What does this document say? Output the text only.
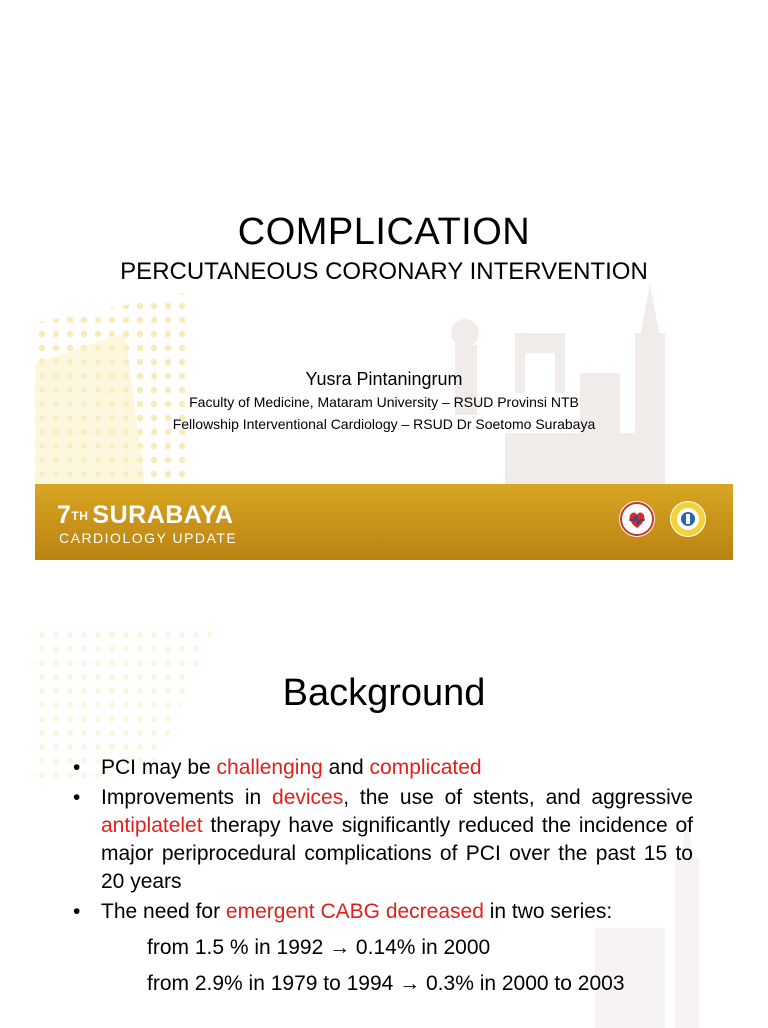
COMPLICATION
PERCUTANEOUS CORONARY INTERVENTION
Yusra Pintaningrum
Faculty of Medicine, Mataram University – RSUD Provinsi NTB
Fellowship Interventional Cardiology – RSUD Dr Soetomo Surabaya
7TH SURABAYA
CARDIOLOGY UPDATE
Background
• PCI may be challenging and complicated
• Improvements in devices, the use of stents, and aggressive antiplatelet therapy have significantly reduced the incidence of major periprocedural complications of PCI over the past 15 to 20 years
• The need for emergent CABG decreased in two series:
from 1.5 % in 1992 → 0.14% in 2000
from 2.9% in 1979 to 1994 → 0.3% in 2000 to 2003
